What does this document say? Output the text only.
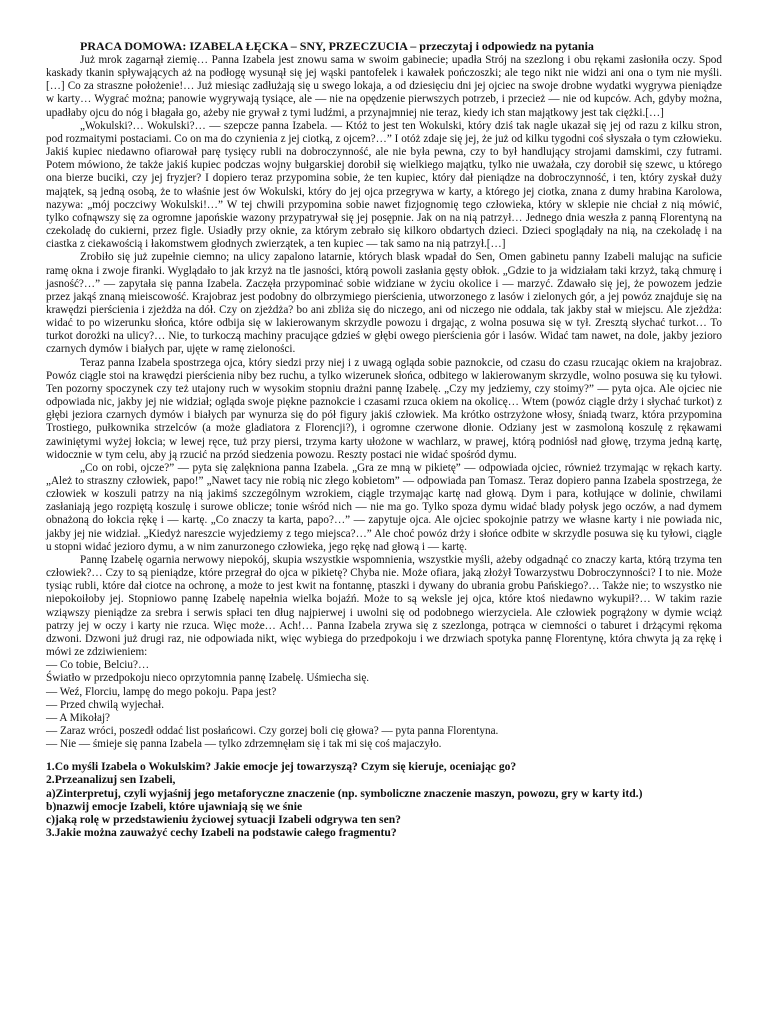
PRACA DOMOWA: IZABELA ŁĘCKA – SNY, PRZECZUCIA – przeczytaj i odpowiedz na pytania

Już mrok zagarnął ziemię… Panna Izabela jest znowu sama w swoim gabinecie; upadła Strój na szezlong i obu rękami zasłoniła oczy. Spod kaskady tkanin spływających aż na podłogę wysunął się jej wąski pantofelek i kawałek pończoszki; ale tego nikt nie widzi ani ona o tym nie myśli.[…] Co za straszne położenie!… Już miesiąc zadłużają się u swego lokaja, a od dziesięciu dni jej ojciec na swoje drobne wydatki wygrywa pieniądze w karty… Wygrać można; panowie wygrywają tysiące, ale — nie na opędzenie pierwszych potrzeb, i przecież — nie od kupców. Ach, gdyby można, upadłaby ojcu do nóg i błagała go, ażeby nie grywał z tymi ludźmi, a przynajmniej nie teraz, kiedy ich stan majątkowy jest tak ciężki.[…]

„Wokulski?… Wokulski?… — szepcze panna Izabela. — Któż to jest ten Wokulski, który dziś tak nagle ukazał się jej od razu z kilku stron, pod rozmaitymi postaciami. Co on ma do czynienia z jej ciotką, z ojcem?…” I otóż zdaje się jej, że już od kilku tygodni coś słyszała o tym człowieku. Jakiś kupiec niedawno ofiarował parę tysięcy rubli na dobroczynność, ale nie była pewna, czy to był handlujący strojami damskimi, czy futrami. Potem mówiono, że także jakiś kupiec podczas wojny bułgarskiej dorobił się wielkiego majątku, tylko nie uważała, czy dorobił się szewc, u którego ona bierze buciki, czy jej fryzjer? I dopiero teraz przypomina sobie, że ten kupiec, który dał pieniądze na dobroczynność, i ten, który zyskał duży majątek, są jedną osobą, że to właśnie jest ów Wokulski, który do jej ojca przegrywa w karty, a którego jej ciotka, znana z dumy hrabina Karolowa, nazywa: „mój poczciwy Wokulski!…” W tej chwili przypomina sobie nawet fizjognomię tego człowieka, który w sklepie nie chciał z nią mówić, tylko cofnąwszy się za ogromne japońskie wazony przypatrywał się jej posępnie. Jak on na nią patrzył… Jednego dnia weszła z panną Florentyną na czekoladę do cukierni, przez figle. Usiadły przy oknie, za którym zebrało się kilkoro obdartych dzieci. Dzieci spoglądały na nią, na czekoladę i na ciastka z ciekawością i łakomstwem głodnych zwierzątek, a ten kupiec — tak samo na nią patrzył.[…]

Zrobiło się już zupełnie ciemno; na ulicy zapalono latarnie, których blask wpadał do Sen, Omen gabinetu panny Izabeli malując na suficie ramę okna i zwoje firanki. Wyglądało to jak krzyż na tle jasności, którą powoli zasłania gęsty obłok. „Gdzie to ja widziałam taki krzyż, taką chmurę i jasność?…” — zapytała się panna Izabela. Zaczęła przypominać sobie widziane w życiu okolice i — marzyć. Zdawało się jej, że powozem jedzie przez jakąś znaną mieiscowość. Krajobraz jest podobny do olbrzymiego pierścienia, utworzonego z lasów i zielonych gór, a jej powóz znajduje się na krawędzi pierścienia i zjeżdża na dół. Czy on zjeżdża? bo ani zbliża się do niczego, ani od niczego nie oddala, tak jakby stał w miejscu. Ale zjeżdża: widać to po wizerunku słońca, które odbija się w lakierowanym skrzydle powozu i drgając, z wolna posuwa się w tył. Zresztą słychać turkot… To turkot dorożki na ulicy?… Nie, to turkoczą machiny pracujące gdzieś w głębi owego pierścienia gór i lasów. Widać tam nawet, na dole, jakby jezioro czarnych dymów i białych par, ujęte w ramę zieloności.

Teraz panna Izabela spostrzega ojca, który siedzi przy niej i z uwagą ogląda sobie paznokcie, od czasu do czasu rzucając okiem na krajobraz. Powóz ciągle stoi na krawędzi pierścienia niby bez ruchu, a tylko wizerunek słońca, odbitego w lakierowanym skrzydle, wolno posuwa się ku tyłowi. Ten pozorny spoczynek czy też utajony ruch w wysokim stopniu drażni pannę Izabelę. „Czy my jedziemy, czy stoimy?” — pyta ojca. Ale ojciec nie odpowiada nic, jakby jej nie widział; ogląda swoje piękne paznokcie i czasami rzuca okiem na okolicę… Wtem (powóz ciągle drży i słychać turkot) z głębi jeziora czarnych dymów i białych par wynurza się do pół figury jakiś człowiek. Ma krótko ostrzyżone włosy, śniadą twarz, która przypomina Trostiego, pułkownika strzelców (a może gladiatora z Florencji?), i ogromne czerwone dłonie. Odziany jest w zasmoloną koszulę z rękawami zawiniętymi wyżej łokcia; w lewej ręce, tuż przy piersi, trzyma karty ułożone w wachlarz, w prawej, którą podniósł nad głowę, trzyma jedną kartę, widocznie w tym celu, aby ją rzucić na przód siedzenia powozu. Reszty postaci nie widać spośród dymu.

„Co on robi, ojcze?” — pyta się zalękniona panna Izabela. „Gra ze mną w pikietę” — odpowiada ojciec, również trzymając w rękach karty. „Ależ to straszny człowiek, papo!” „Nawet tacy nie robią nic złego kobietom” — odpowiada pan Tomasz. Teraz dopiero panna Izabela spostrzega, że człowiek w koszuli patrzy na nią jakimś szczególnym wzrokiem, ciągle trzymając kartę nad głową. Dym i para, kotłujące w dolinie, chwilami zasłaniają jego rozpiętą koszulę i surowe oblicze; tonie wśród nich — nie ma go. Tylko spoza dymu widać blady połysk jego oczów, a nad dymem obnażoną do łokcia rękę i — kartę. „Co znaczy ta karta, papo?…” — zapytuje ojca. Ale ojciec spokojnie patrzy we własne karty i nie powiada nic, jakby jej nie widział. „Kiedyż nareszcie wyjedziemy z tego miejsca?…” Ale choć powóz drży i słońce odbite w skrzydle posuwa się ku tyłowi, ciągle u stopni widać jezioro dymu, a w nim zanurzonego człowieka, jego rękę nad głową i — kartę.

Pannę Izabelę ogarnia nerwowy niepokój, skupia wszystkie wspomnienia, wszystkie myśli, ażeby odgadnąć co znaczy karta, którą trzyma ten człowiek?… Czy to są pieniądze, które przegrał do ojca w pikietę? Chyba nie. Może ofiara, jaką złożył Towarzystwu Dobroczynności? I to nie. Może tysiąc rubli, które dał ciotce na ochronę, a może to jest kwit na fontannę, ptaszki i dywany do ubrania grobu Pańskiego?… Także nie; to wszystko nie niepokoiłoby jej. Stopniowo pannę Izabelę napełnia wielka bojaźń. Może to są weksle jej ojca, które ktoś niedawno wykupił?… W takim razie wziąwszy pieniądze za srebra i serwis spłaci ten dług najpierwej i uwolni się od podobnego wierzyciela. Ale człowiek pogrążony w dymie wciąż patrzy jej w oczy i karty nie rzuca. Więc może… Ach!… Panna Izabela zrywa się z szezlonga, potrąca w ciemności o taburet i drżącymi rękoma dzwoni. Dzwoni już drugi raz, nie odpowiada nikt, więc wybiega do przedpokoju i we drzwiach spotyka pannę Florentynę, która chwyta ją za rękę i mówi ze zdziwieniem:

— Co tobie, Belciu?…

Światło w przedpokoju nieco oprzytomnia pannę Izabelę. Uśmiecha się.

— Weź, Florciu, lampę do mego pokoju. Papa jest?

— Przed chwilą wyjechał.

— A Mikołaj?

— Zaraz wróci, poszedł oddać list posłańcowi. Czy gorzej boli cię głowa? — pyta panna Florentyna.

— Nie — śmieje się panna Izabela — tylko zdrzemnęłam się i tak mi się coś majaczyło.

1.Co myśli Izabela o Wokulskim? Jakie emocje jej towarzyszą? Czym się kieruje, oceniając go?

2.Przeanalizuj sen Izabeli,

a)Zinterpretuj, czyli wyjaśnij jego metaforyczne znaczenie (np. symboliczne znaczenie maszyn, powozu, gry w karty itd.)

b)nazwij emocje Izabeli, które ujawniają się we śnie

c)jaką rolę w przedstawieniu życiowej sytuacji Izabeli odgrywa ten sen?

3.Jakie można zauważyć cechy Izabeli na podstawie całego fragmentu?
